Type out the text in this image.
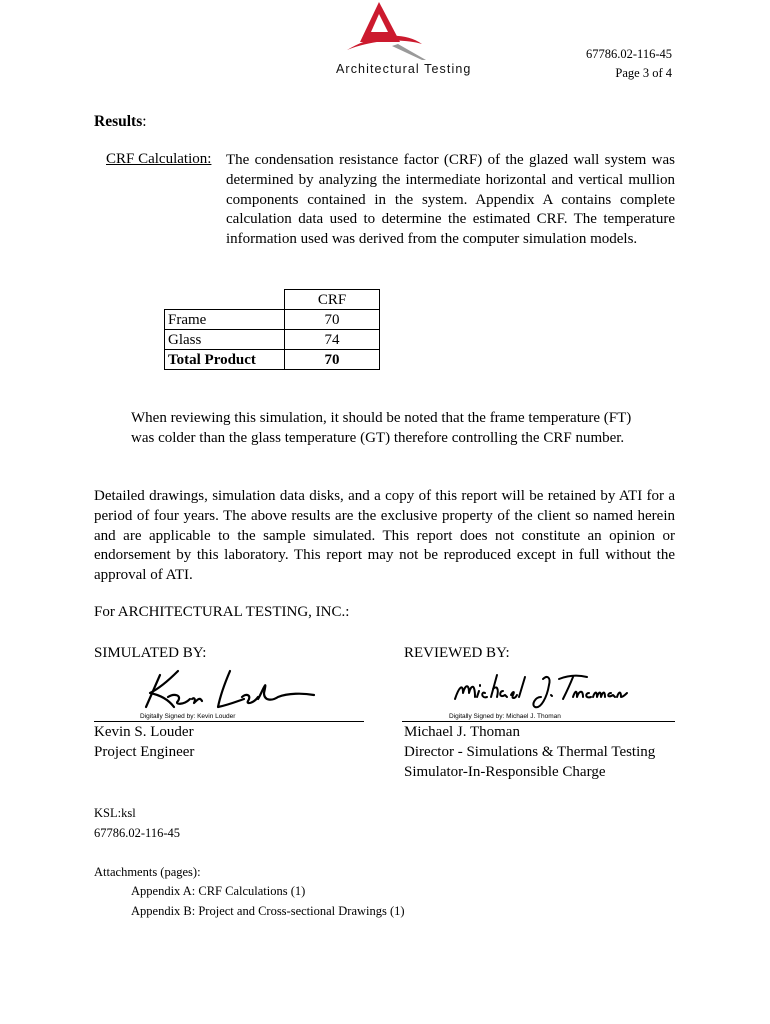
Architectural Testing
67786.02-116-45
Page 3 of 4
Results:
CRF Calculation: The condensation resistance factor (CRF) of the glazed wall system was determined by analyzing the intermediate horizontal and vertical mullion components contained in the system. Appendix A contains complete calculation data used to determine the estimated CRF. The temperature information used was derived from the computer simulation models.
	CRF
Frame	70
Glass	74
Total Product	70
When reviewing this simulation, it should be noted that the frame temperature (FT) was colder than the glass temperature (GT) therefore controlling the CRF number.
Detailed drawings, simulation data disks, and a copy of this report will be retained by ATI for a period of four years. The above results are the exclusive property of the client so named herein and are applicable to the sample simulated. This report does not constitute an opinion or endorsement by this laboratory. This report may not be reproduced except in full without the approval of ATI.
For ARCHITECTURAL TESTING, INC.:
SIMULATED BY:	REVIEWED BY:
Digitally Signed by: Kevin Louder	Digitally Signed by: Michael J. Thoman
Kevin S. Louder
Project Engineer
Michael J. Thoman
Director - Simulations & Thermal Testing
Simulator-In-Responsible Charge
KSL:ksl
67786.02-116-45
Attachments (pages):
Appendix A: CRF Calculations (1)
Appendix B: Project and Cross-sectional Drawings (1)
